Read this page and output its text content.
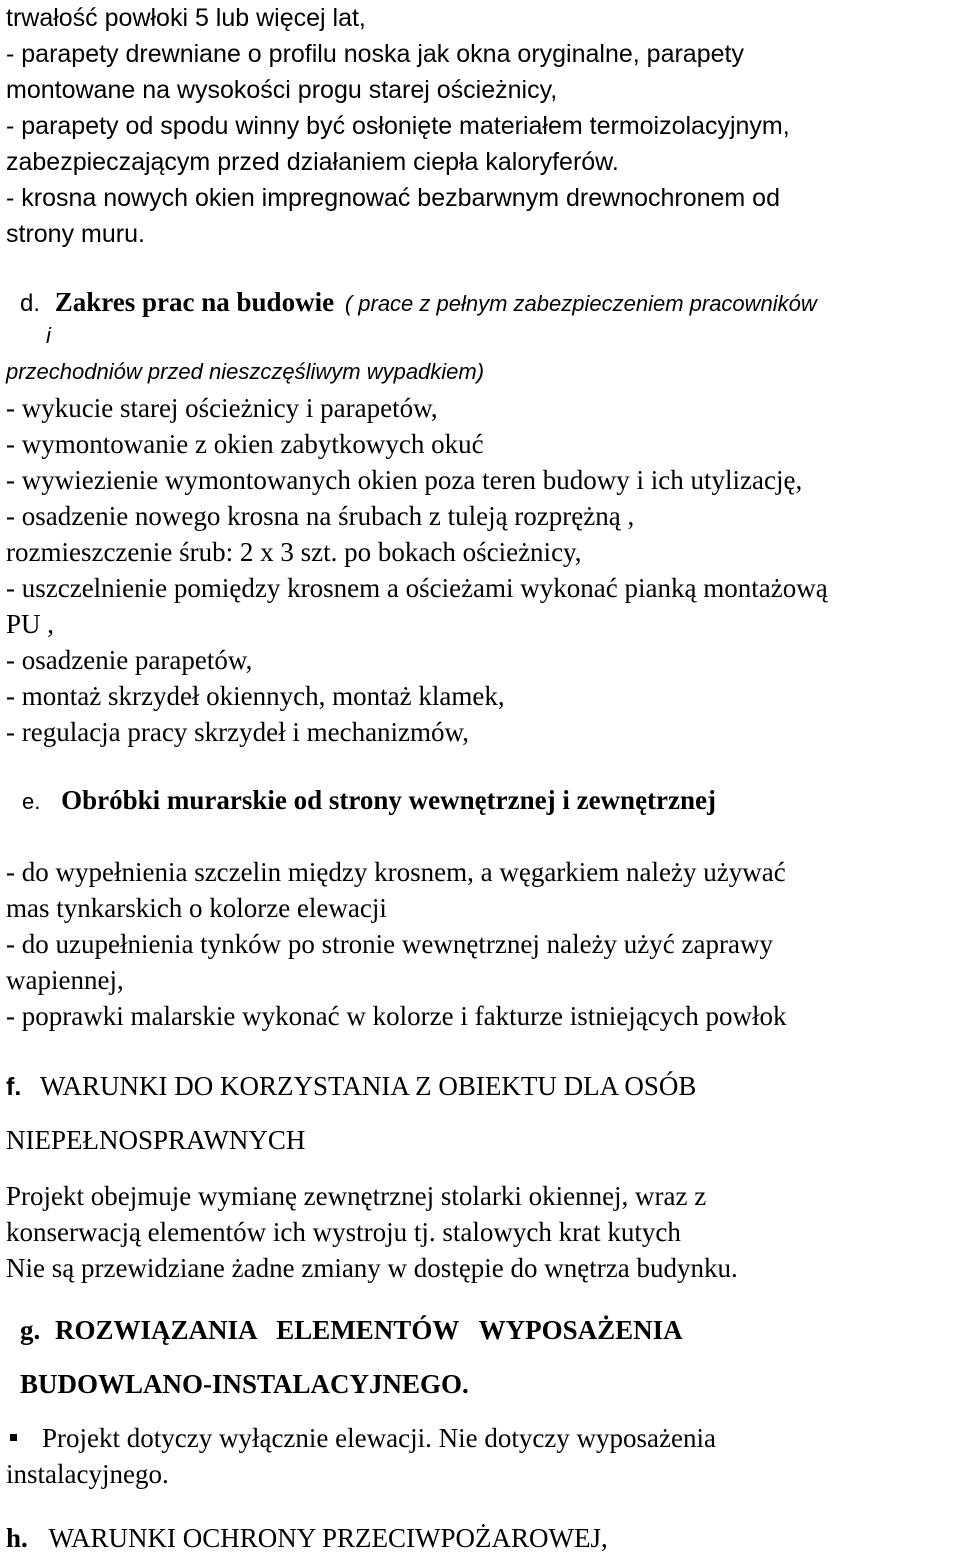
trwałość powłoki 5 lub więcej lat,
- parapety drewniane o profilu noska jak okna oryginalne, parapety
montowane na wysokości progu starej ościeżnicy,
- parapety od spodu winny być osłonięte materiałem termoizolacyjnym,
zabezpieczającym przed działaniem ciepła kaloryferów.
- krosna nowych okien impregnować bezbarwnym drewnochronem od
strony muru.
d. Zakres prac na budowie ( prace z pełnym zabezpieczeniem pracowników
i
przechodniów przed nieszczęśliwym wypadkiem)
- wykucie starej ościeżnicy i parapetów,
- wymontowanie z okien zabytkowych okuć
- wywiezienie wymontowanych okien poza teren budowy i ich utylizację,
- osadzenie nowego krosna na śrubach z tuleją rozprężną ,
rozmieszczenie śrub: 2 x 3 szt. po bokach ościeżnicy,
- uszczelnienie pomiędzy krosnem a ościeżami wykonać pianką montażową
PU ,
- osadzenie parapetów,
- montaż skrzydeł okiennych, montaż klamek,
- regulacja pracy skrzydeł i mechanizmów,
e. Obróbki murarskie od strony wewnętrznej i zewnętrznej
- do wypełnienia szczelin między krosnem, a węgarkiem należy używać
mas tynkarskich o kolorze elewacji
- do uzupełnienia tynków po stronie wewnętrznej należy użyć zaprawy
wapiennej,
- poprawki malarskie wykonać w kolorze i fakturze istniejących powłok
f. WARUNKI DO KORZYSTANIA Z OBIEKTU DLA OSÓB
NIEPEŁNOSPRAWNYCH
Projekt obejmuje wymianę zewnętrznej stolarki okiennej, wraz z
konserwacją elementów ich wystroju tj. stalowych krat kutych
Nie są przewidziane żadne zmiany w dostępie do wnętrza budynku.
g. ROZWIĄZANIA   ELEMENTÓW   WYPOSAŻENIA
BUDOWLANO-INSTALACYJNEGO.
Projekt dotyczy wyłącznie elewacji. Nie dotyczy wyposażenia
instalacyjnego.
h. WARUNKI OCHRONY PRZECIWPOŻAROWEJ,
